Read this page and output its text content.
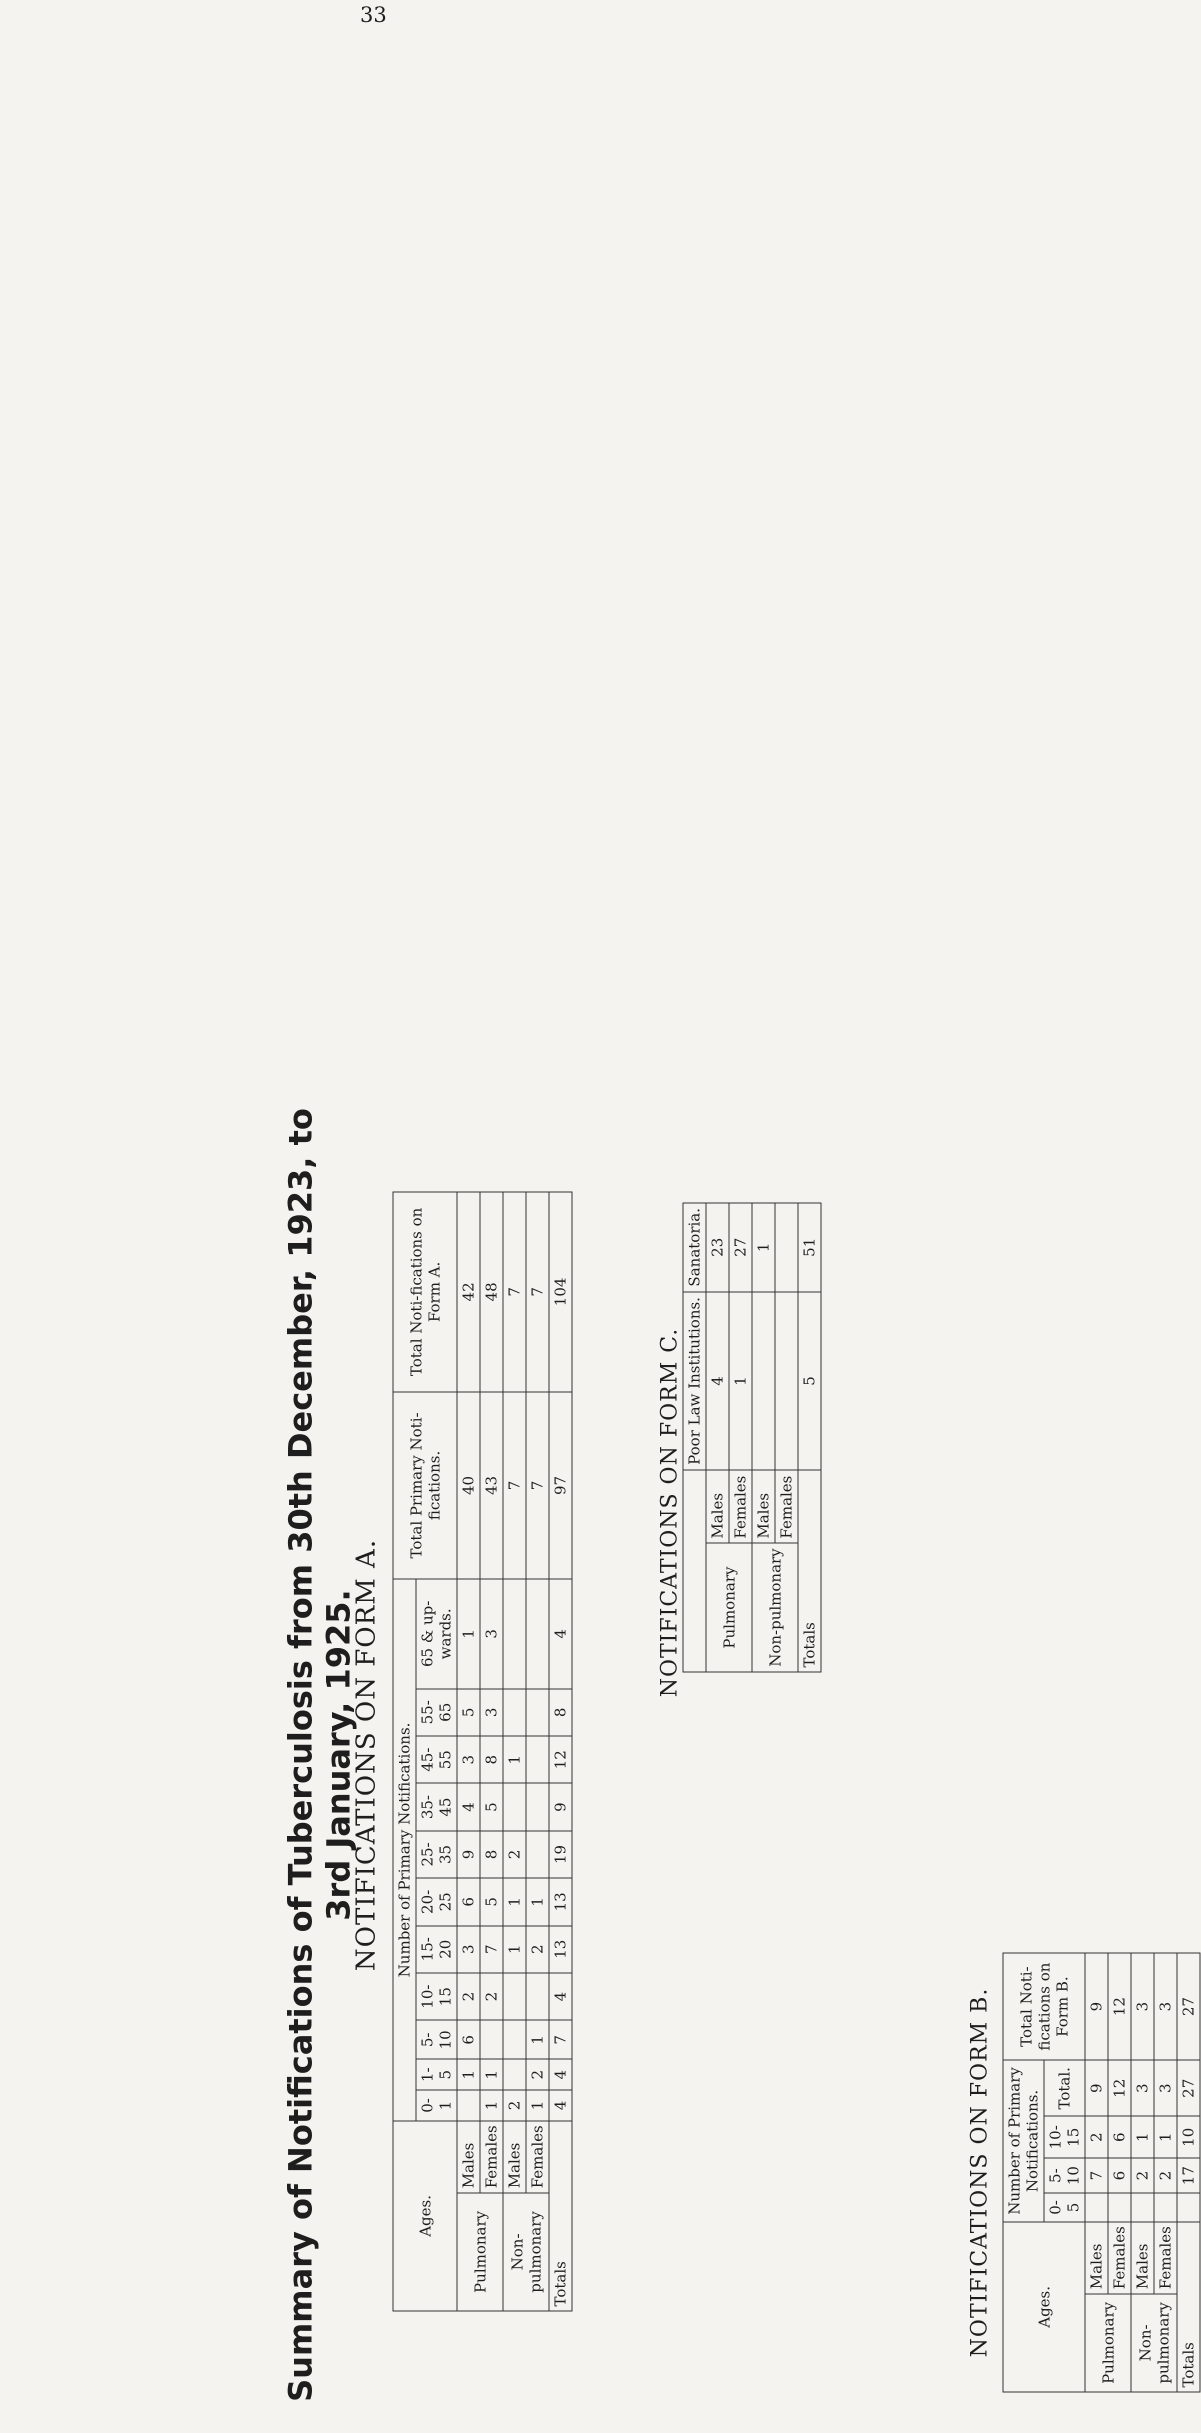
33
Summary of Notifications of Tuberculosis from 30th December, 1923, to 3rd January, 1925.
NOTIFICATIONS ON FORM A.
Ages.		Number of Primary Notifications.											Total Primary Noti-fications.	Total Noti-fications on Form A.
		0-1	1-5	5-10	10-15	15-20	20-25	25-35	35-45	45-55	55-65	65 & up-wards.		
Pulmonary	Males		1	6	2	3	6	9	4	3	5	1	40	42
	Females	1	1		2	7	5	8	5	8	3	3	43	48
Non-pulmonary	Males	2				1	1	2		1			7	7
	Females	1	2	1		2	1						7	7
Totals		4	4	7	4	13	13	19	9	12	8	4	97	104
NOTIFICATIONS ON FORM B.	Ages.		Number of Primary Notifications.				Total Noti-fications on Form B.
		0-5	5-10	10-15	Total.	
Pulmonary	Males		7	2	9	9
	Females		6	6	12	12
Non-pulmonary	Males		2	1	3	3
	Females		2	1	3	3
Totals			17	10	27	27
NOTIFICATIONS ON FORM C.
		Poor Law Institutions.	Sanatoria.
Pulmonary	Males	4	23
	Females	1	27
Non-pulmonary	Males		1
	Females		
Totals		5	51
